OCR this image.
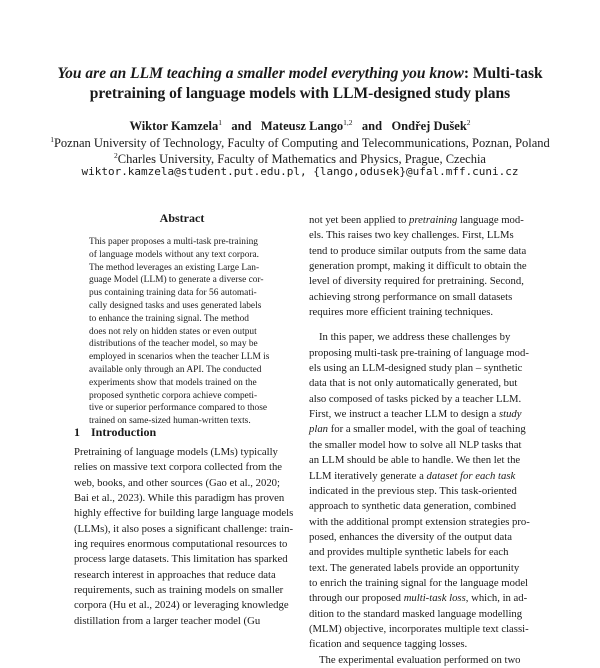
You are an LLM teaching a smaller model everything you know: Multi-task
pretraining of language models with LLM-designed study plans
Wiktor Kamzela$^1$ and Mateusz Lango$^{1,2}$ and Ondřej Dušek$^2$
$^1$Poznan University of Technology, Faculty of Computing and Telecommunications, Poznan, Poland
$^2$Charles University, Faculty of Mathematics and Physics, Prague, Czechia
wiktor.kamzela@student.put.edu.pl, {lango,odusek}@ufal.mff.cuni.cz
Abstract
This paper proposes a multi-task pre-training
of language models without any text corpora.
The method leverages an existing Large Lan-
guage Model (LLM) to generate a diverse cor-
pus containing training data for 56 automati-
cally designed tasks and uses generated labels
to enhance the training signal. The method
does not rely on hidden states or even output
distributions of the teacher model, so may be
employed in scenarios when the teacher LLM is
available only through an API. The conducted
experiments show that models trained on the
proposed synthetic corpora achieve competi-
tive or superior performance compared to those
trained on same-sized human-written texts.
1 Introduction
Pretraining of language models (LMs) typically
relies on massive text corpora collected from the
web, books, and other sources (Gao et al., 2020;
Bai et al., 2023). While this paradigm has proven
highly effective for building large language models
(LLMs), it also poses a significant challenge: train-
ing requires enormous computational resources to
process large datasets. This limitation has sparked
research interest in approaches that reduce data
requirements, such as training models on smaller
corpora (Hu et al., 2024) or leveraging knowledge
distillation from a larger teacher model (Gu
not yet been applied to pretraining language mod-
els. This raises two key challenges. First, LLMs
tend to produce similar outputs from the same data
generation prompt, making it difficult to obtain the
level of diversity required for pretraining. Second,
achieving strong performance on small datasets
requires more efficient training techniques.
In this paper, we address these challenges by
proposing multi-task pre-training of language mod-
els using an LLM-designed study plan – synthetic
data that is not only automatically generated, but
also composed of tasks picked by a teacher LLM.
First, we instruct a teacher LLM to design a study
plan for a smaller model, with the goal of teaching
the smaller model how to solve all NLP tasks that
an LLM should be able to handle. We then let the
LLM iteratively generate a dataset for each task
indicated in the previous step. This task-oriented
approach to synthetic data generation, combined
with the additional prompt extension strategies pro-
posed, enhances the diversity of the output data
and provides multiple synthetic labels for each
text. The generated labels provide an opportunity
to enrich the training signal for the language model
through our proposed multi-task loss, which, in ad-
dition to the standard masked language modelling
(MLM) objective, incorporates multiple text classi-
fication and sequence tagging losses.
The experimental evaluation performed on two
